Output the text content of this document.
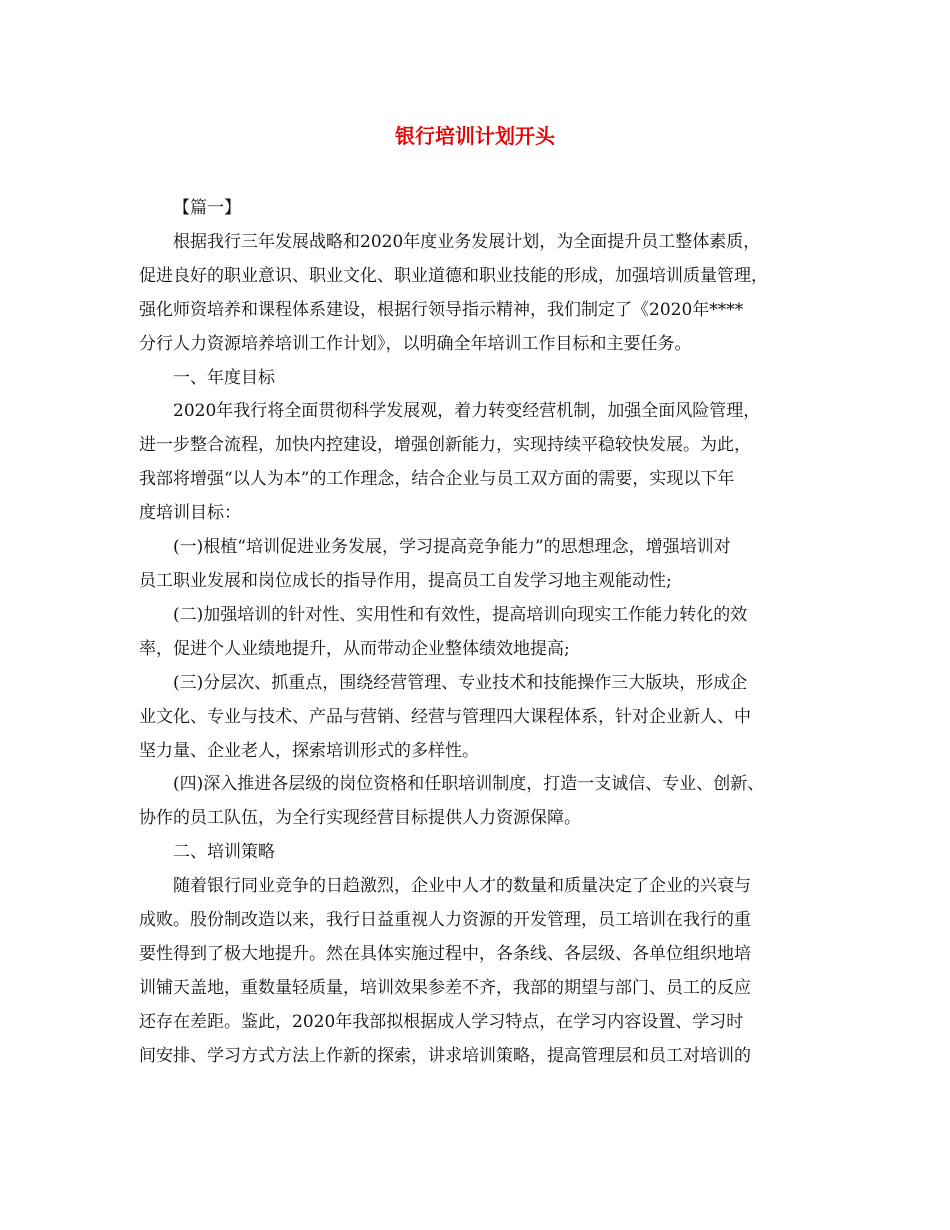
银行培训计划开头
【篇一】
根据我行三年发展战略和2020年度业务发展计划，为全面提升员工整体素质，
促进良好的职业意识、职业文化、职业道德和职业技能的形成，加强培训质量管理，
强化师资培养和课程体系建设，根据行领导指示精神，我们制定了《2020年****
分行人力资源培养培训工作计划》，以明确全年培训工作目标和主要任务。
一、年度目标
2020年我行将全面贯彻科学发展观，着力转变经营机制，加强全面风险管理，
进一步整合流程，加快内控建设，增强创新能力，实现持续平稳较快发展。为此，
我部将增强“以人为本”的工作理念，结合企业与员工双方面的需要，实现以下年
度培训目标：
(一)根植“培训促进业务发展，学习提高竞争能力”的思想理念，增强培训对
员工职业发展和岗位成长的指导作用，提高员工自发学习地主观能动性;
(二)加强培训的针对性、实用性和有效性，提高培训向现实工作能力转化的效
率，促进个人业绩地提升，从而带动企业整体绩效地提高;
(三)分层次、抓重点，围绕经营管理、专业技术和技能操作三大版块，形成企
业文化、专业与技术、产品与营销、经营与管理四大课程体系，针对企业新人、中
坚力量、企业老人，探索培训形式的多样性。
(四)深入推进各层级的岗位资格和任职培训制度，打造一支诚信、专业、创新、
协作的员工队伍，为全行实现经营目标提供人力资源保障。
二、培训策略
随着银行同业竞争的日趋激烈，企业中人才的数量和质量决定了企业的兴衰与
成败。股份制改造以来，我行日益重视人力资源的开发管理，员工培训在我行的重
要性得到了极大地提升。然在具体实施过程中，各条线、各层级、各单位组织地培
训铺天盖地，重数量轻质量，培训效果参差不齐，我部的期望与部门、员工的反应
还存在差距。鉴此，2020年我部拟根据成人学习特点，在学习内容设置、学习时
间安排、学习方式方法上作新的探索，讲求培训策略，提高管理层和员工对培训的
